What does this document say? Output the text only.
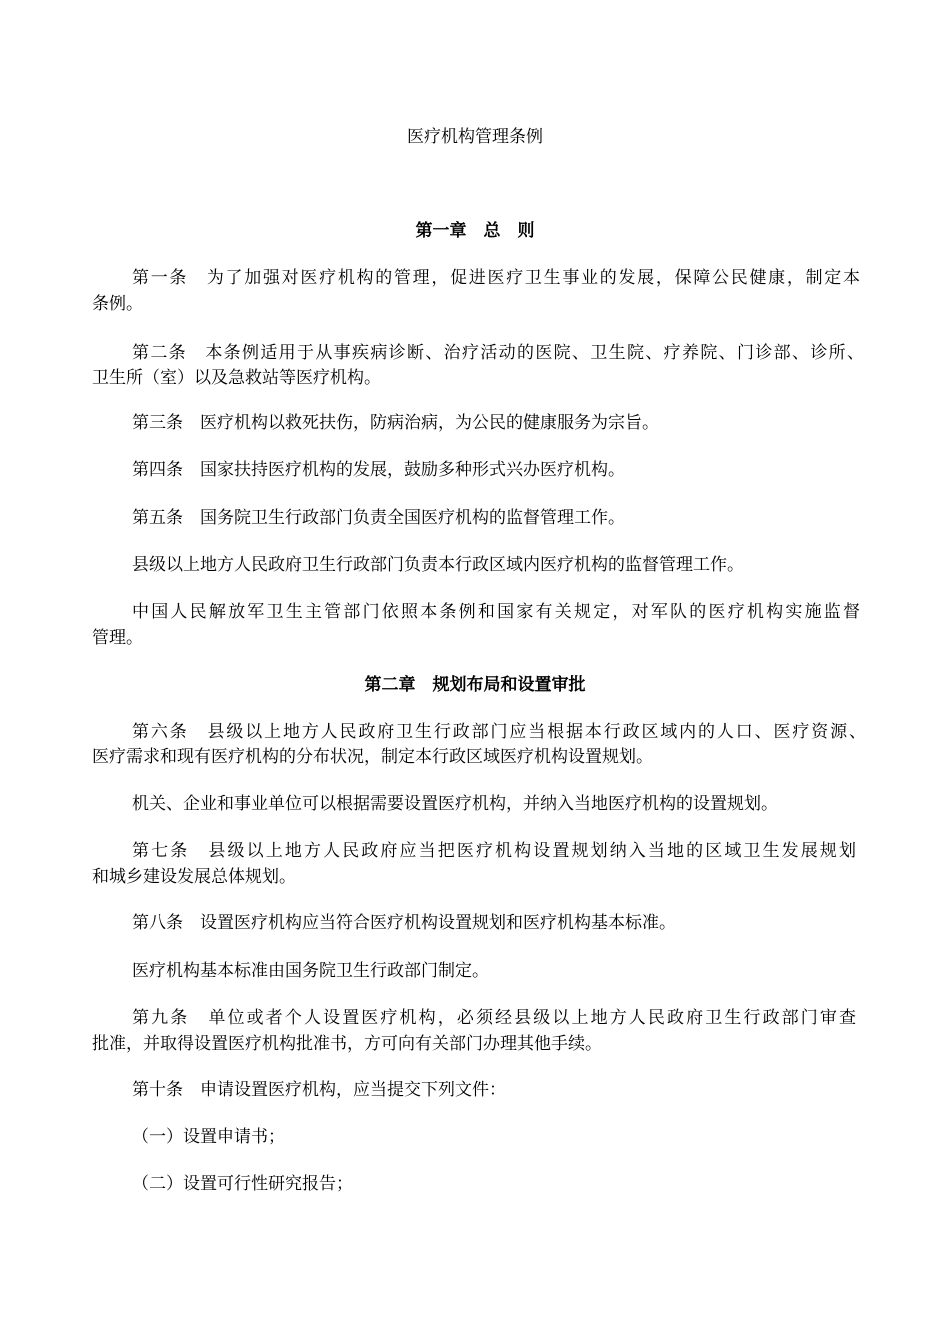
医疗机构管理条例
第一章　总　则
第一条　为了加强对医疗机构的管理，促进医疗卫生事业的发展，保障公民健康，制定本
条例。
第二条　本条例适用于从事疾病诊断、治疗活动的医院、卫生院、疗养院、门诊部、诊所、
卫生所（室）以及急救站等医疗机构。
第三条　医疗机构以救死扶伤，防病治病，为公民的健康服务为宗旨。
第四条　国家扶持医疗机构的发展，鼓励多种形式兴办医疗机构。
第五条　国务院卫生行政部门负责全国医疗机构的监督管理工作。
县级以上地方人民政府卫生行政部门负责本行政区域内医疗机构的监督管理工作。
中国人民解放军卫生主管部门依照本条例和国家有关规定，对军队的医疗机构实施监督
管理。
第二章　规划布局和设置审批
第六条　县级以上地方人民政府卫生行政部门应当根据本行政区域内的人口、医疗资源、
医疗需求和现有医疗机构的分布状况，制定本行政区域医疗机构设置规划。
机关、企业和事业单位可以根据需要设置医疗机构，并纳入当地医疗机构的设置规划。
第七条　县级以上地方人民政府应当把医疗机构设置规划纳入当地的区域卫生发展规划
和城乡建设发展总体规划。
第八条　设置医疗机构应当符合医疗机构设置规划和医疗机构基本标准。
医疗机构基本标准由国务院卫生行政部门制定。
第九条　单位或者个人设置医疗机构，必须经县级以上地方人民政府卫生行政部门审查
批准，并取得设置医疗机构批准书，方可向有关部门办理其他手续。
第十条　申请设置医疗机构，应当提交下列文件：
（一）设置申请书；
（二）设置可行性研究报告；
